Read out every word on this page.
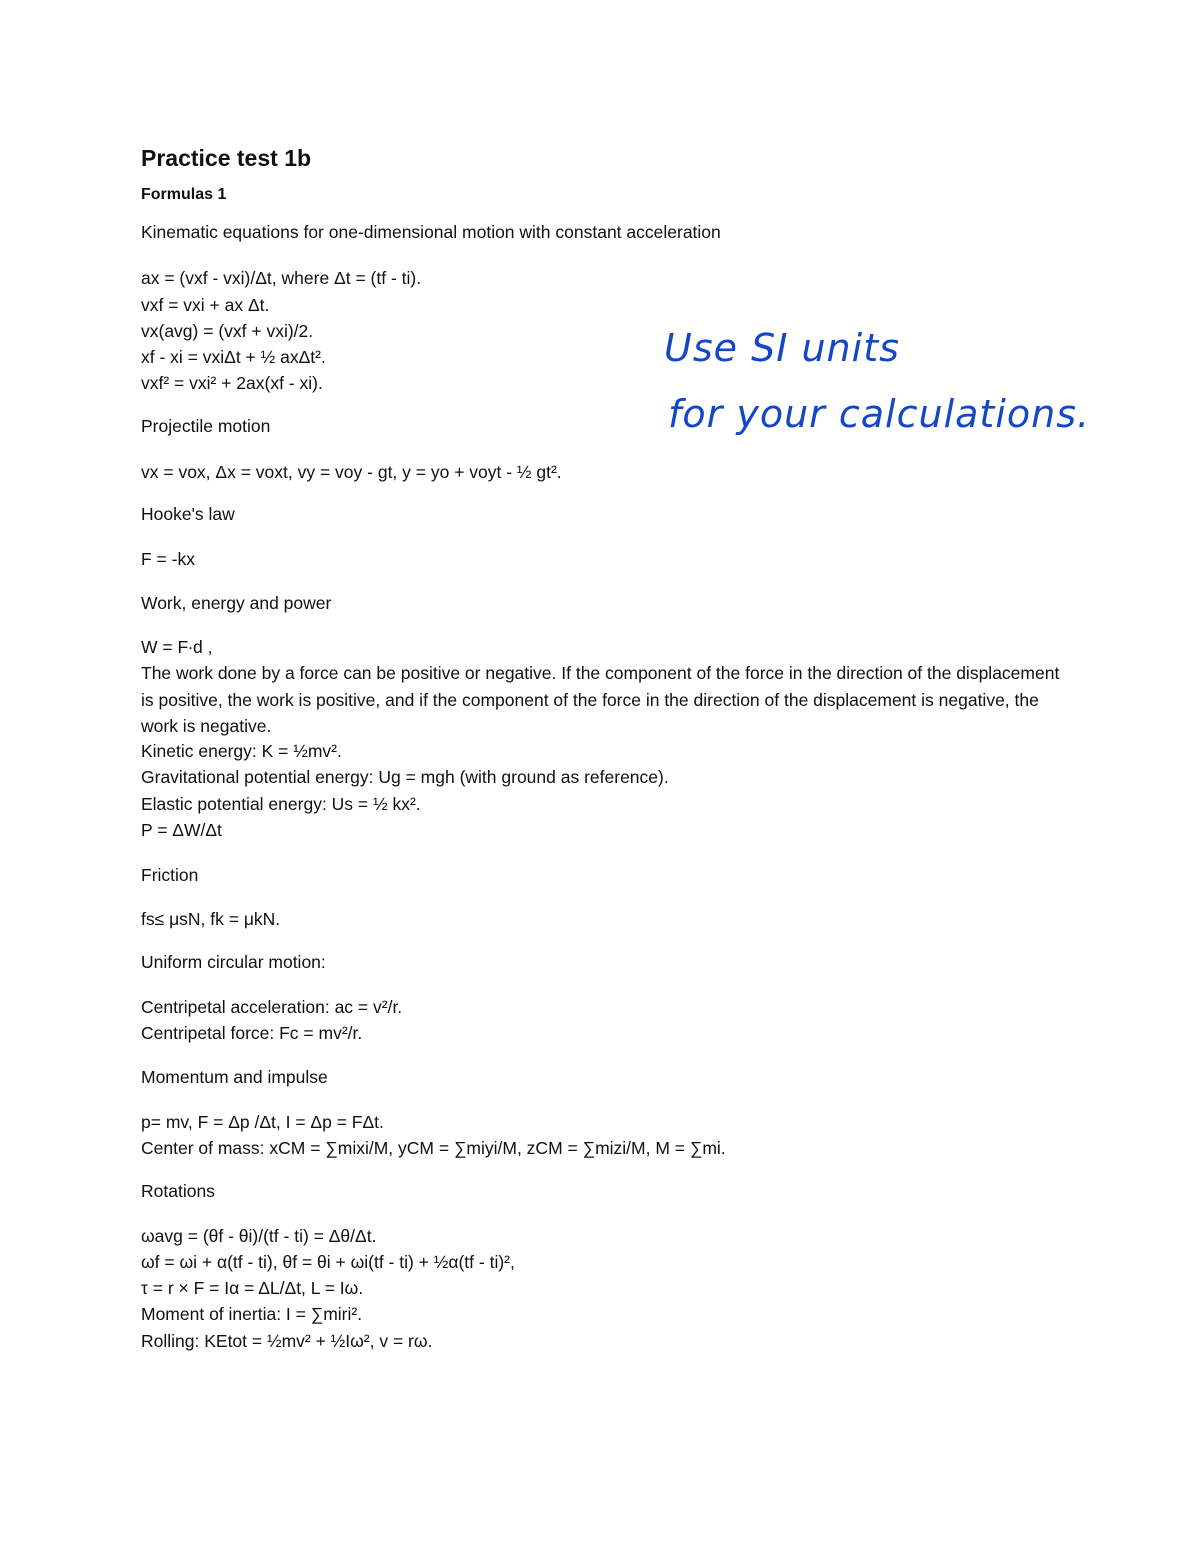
Practice test 1b
Formulas 1
Kinematic equations for one-dimensional motion with constant acceleration
ax = (vxf - vxi)/Δt, where Δt = (tf - ti).
vxf = vxi + ax Δt.
vx(avg) = (vxf + vxi)/2.
xf - xi = vxiΔt + ½ axΔt².
vxf² = vxi² + 2ax(xf - xi).
Projectile motion
vx = vox, Δx = voxt, vy = voy - gt, y = yo + voyt - ½ gt².
Hooke's law
F = -kx
Work, energy and power
W = F∙d ,
The work done by a force can be positive or negative. If the component of the force in the direction of the displacement is positive, the work is positive, and if the component of the force in the direction of the displacement is negative, the work is negative.
Kinetic energy: K = ½mv².
Gravitational potential energy: Ug = mgh (with ground as reference).
Elastic potential energy: Us = ½ kx².
P = ΔW/Δt
Friction
fs≤ μsN, fk = μkN.
Uniform circular motion:
Centripetal acceleration: ac = v²/r.
Centripetal force: Fc = mv²/r.
Momentum and impulse
p= mv, F = Δp /Δt, I = Δp = FΔt.
Center of mass: xCM = ∑mixi/M, yCM = ∑miyi/M, zCM = ∑mizi/M, M = ∑mi.
Rotations
ωavg = (θf - θi)/(tf - ti) = Δθ/Δt.
ωf = ωi + α(tf - ti), θf = θi + ωi(tf - ti) + ½α(tf - ti)²,
τ = r × F = Iα = ΔL/Δt, L = Iω.
Moment of inertia: I = ∑miri².
Rolling: KEtot = ½mv² + ½Iω², v = rω.
Use SI units
for your calculations.
